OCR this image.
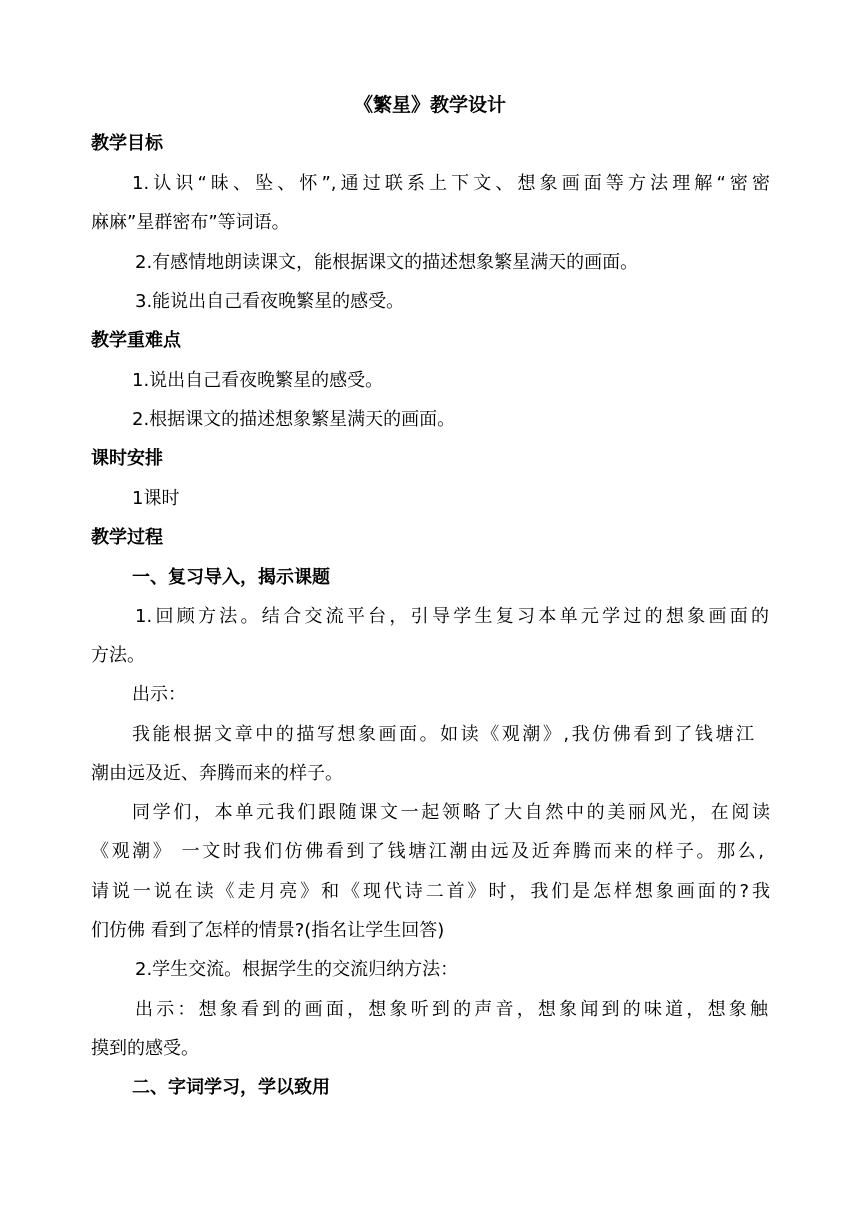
《繁星》教学设计
教学目标
1.认识“昧、坠、怀”,通过联系上下文、想象画面等方法理解“密密
麻麻”星群密布”等词语。
2.有感情地朗读课文，能根据课文的描述想象繁星满天的画面。
3.能说出自己看夜晚繁星的感受。
教学重难点
1.说出自己看夜晚繁星的感受。
2.根据课文的描述想象繁星满天的画面。
课时安排
1课时
教学过程
一、复习导入，揭示课题
1.回顾方法。结合交流平台，引导学生复习本单元学过的想象画面的
方法。
出示：
我能根据文章中的描写想象画面。如读《观潮》,我仿佛看到了钱塘江
潮由远及近、奔腾而来的样子。
同学们，本单元我们跟随课文一起领略了大自然中的美丽风光，在阅读
《观潮》 一文时我们仿佛看到了钱塘江潮由远及近奔腾而来的样子。那么,
请说一说在读《走月亮》和《现代诗二首》时，我们是怎样想象画面的?我
们仿佛 看到了怎样的情景?(指名让学生回答)
2.学生交流。根据学生的交流归纳方法：
出示：想象看到的画面，想象听到的声音，想象闻到的味道，想象触
摸到的感受。
二、字词学习，学以致用
